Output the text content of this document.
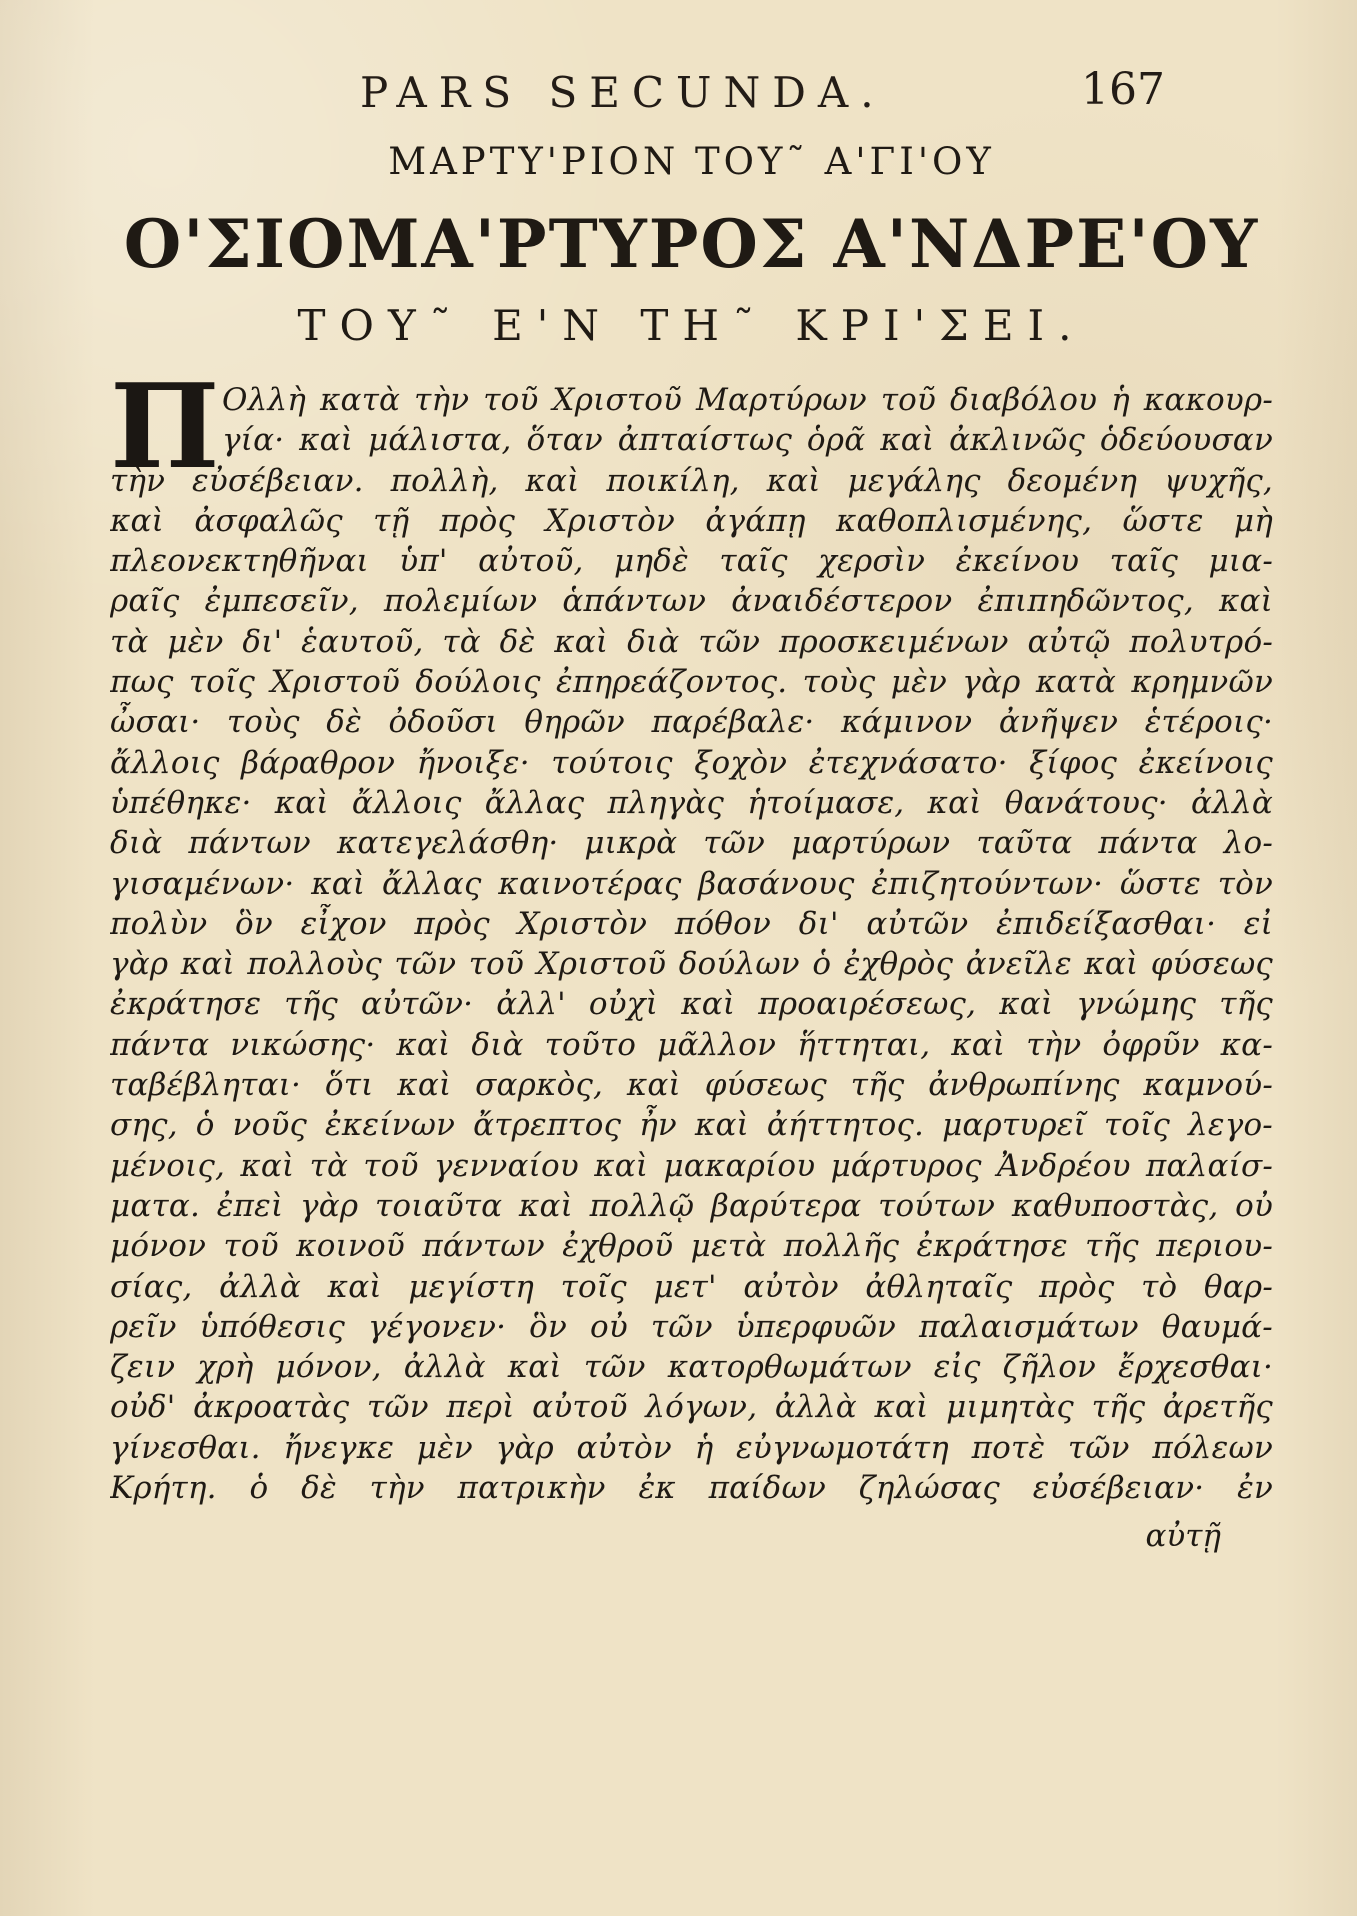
PARS SECUNDA.	167
ΜΑΡΤΥ'ΡΙΟΝ ΤΟΥ˜ Α'ΓΙ'ΟΥ
Ο'ΣΙΟΜΑ'ΡΤΥΡΟΣ Α'ΝΔΡΕ'ΟΥ
ΤΟΥ˜ Ε'Ν ΤΗ˜ ΚΡΙ'ΣΕΙ.
Π Ολλὴ κατὰ τὴν τοῦ Χριστοῦ Μαρτύρων τοῦ διαβόλου ἡ κακουρ-
γία· καὶ μάλιστα, ὅταν ἀπταίστως ὁρᾶ καὶ ἀκλινῶς ὁδεύουσαν
τὴν εὐσέβειαν. πολλὴ, καὶ ποικίλη, καὶ μεγάλης δεομένη ψυχῆς,
καὶ ἀσφαλῶς τῇ πρὸς Χριστὸν ἀγάπῃ καθοπλισμένης, ὥστε μὴ
πλεονεκτηθῆναι ὑπ' αὐτοῦ, μηδὲ ταῖς χερσὶν ἐκείνου ταῖς μια-
ραῖς ἐμπεσεῖν, πολεμίων ἁπάντων ἀναιδέστερον ἐπιπηδῶντος, καὶ
τὰ μὲν δι' ἑαυτοῦ, τὰ δὲ καὶ διὰ τῶν προσκειμένων αὐτῷ πολυτρό-
πως τοῖς Χριστοῦ δούλοις ἐπηρεάζοντος. τοὺς μὲν γὰρ κατὰ κρημνῶν
ὦσαι· τοὺς δὲ ὀδοῦσι θηρῶν παρέβαλε· κάμινον ἀνῆψεν ἑτέροις·
ἄλλοις βάραθρον ἤνοιξε· τούτοις ξοχὸν ἐτεχνάσατο· ξίφος ἐκείνοις
ὑπέθηκε· καὶ ἄλλοις ἄλλας πληγὰς ἡτοίμασε, καὶ θανάτους· ἀλλὰ
διὰ πάντων κατεγελάσθη· μικρὰ τῶν μαρτύρων ταῦτα πάντα λο-
γισαμένων· καὶ ἄλλας καινοτέρας βασάνους ἐπιζητούντων· ὥστε τὸν
πολὺν ὃν εἶχον πρὸς Χριστὸν πόθον δι' αὐτῶν ἐπιδείξασθαι· εἰ
γὰρ καὶ πολλοὺς τῶν τοῦ Χριστοῦ δούλων ὁ ἐχθρὸς ἀνεῖλε καὶ φύσεως
ἐκράτησε τῆς αὐτῶν· ἀλλ' οὐχὶ καὶ προαιρέσεως, καὶ γνώμης τῆς
πάντα νικώσης· καὶ διὰ τοῦτο μᾶλλον ἥττηται, καὶ τὴν ὀφρῦν κα-
ταβέβληται· ὅτι καὶ σαρκὸς, καὶ φύσεως τῆς ἀνθρωπίνης καμνού-
σης, ὁ νοῦς ἐκείνων ἄτρεπτος ἦν καὶ ἀήττητος. μαρτυρεῖ τοῖς λεγο-
μένοις, καὶ τὰ τοῦ γενναίου καὶ μακαρίου μάρτυρος Ἀνδρέου παλαίσ-
ματα. ἐπεὶ γὰρ τοιαῦτα καὶ πολλῷ βαρύτερα τούτων καθυποστὰς, οὐ
μόνον τοῦ κοινοῦ πάντων ἐχθροῦ μετὰ πολλῆς ἐκράτησε τῆς περιου-
σίας, ἀλλὰ καὶ μεγίστη τοῖς μετ' αὐτὸν ἀθληταῖς πρὸς τὸ θαρ-
ρεῖν ὑπόθεσις γέγονεν· ὃν οὐ τῶν ὑπερφυῶν παλαισμάτων θαυμά-
ζειν χρὴ μόνον, ἀλλὰ καὶ τῶν κατορθωμάτων εἰς ζῆλον ἔρχεσθαι·
οὐδ' ἀκροατὰς τῶν περὶ αὐτοῦ λόγων, ἀλλὰ καὶ μιμητὰς τῆς ἀρετῆς
γίνεσθαι. ἤνεγκε μὲν γὰρ αὐτὸν ἡ εὐγνωμοτάτη ποτὲ τῶν πόλεων
Κρήτη. ὁ δὲ τὴν πατρικὴν ἐκ παίδων ζηλώσας εὐσέβειαν· ἐν
αὐτῇ
